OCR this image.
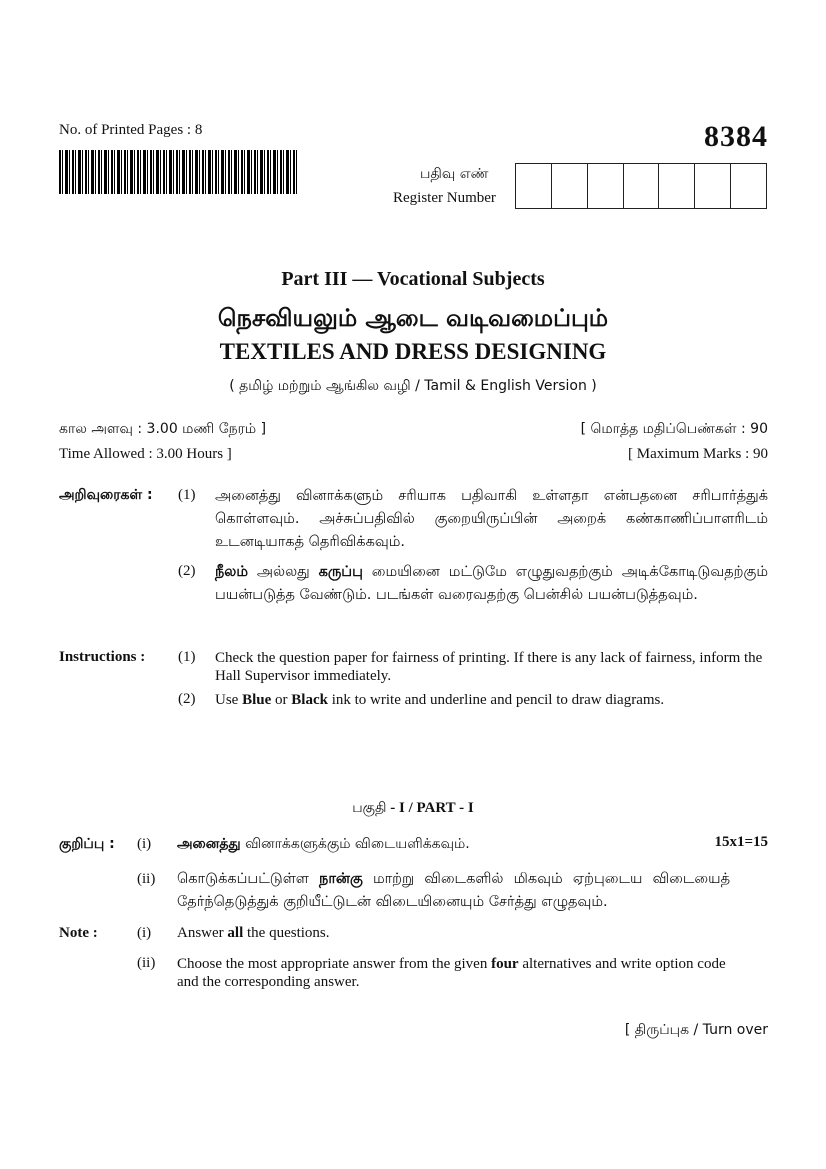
No. of Printed Pages : 8	8384
பதிவு எண்
Register Number
Part III — Vocational Subjects
நெசவியலும் ஆடை வடிவமைப்பும்
TEXTILES AND DRESS DESIGNING
( தமிழ் மற்றும் ஆங்கில வழி / Tamil & English Version )
கால அளவு : 3.00 மணி நேரம் ]
Time Allowed : 3.00 Hours ]
[ மொத்த மதிப்பெண்கள் : 90
[ Maximum Marks : 90
அறிவுரைகள் : (1) அனைத்து வினாக்களும் சரியாக பதிவாகி உள்ளதா என்பதனை சரிபார்த்துக் கொள்ளவும். அச்சுப்பதிவில் குறையிருப்பின் அறைக் கண்காணிப்பாளரிடம் உடனடியாகத் தெரிவிக்கவும்.
(2) நீலம் அல்லது கருப்பு மையினை மட்டுமே எழுதுவதற்கும் அடிக்கோடிடுவதற்கும் பயன்படுத்த வேண்டும். படங்கள் வரைவதற்கு பென்சில் பயன்படுத்தவும்.
Instructions : (1) Check the question paper for fairness of printing. If there is any lack of fairness, inform the Hall Supervisor immediately.
(2) Use Blue or Black ink to write and underline and pencil to draw diagrams.
பகுதி - I / PART - I
குறிப்பு : (i) அனைத்து வினாக்களுக்கும் விடையளிக்கவும்.	15x1=15
(ii) கொடுக்கப்பட்டுள்ள நான்கு மாற்று விடைகளில் மிகவும் ஏற்புடைய விடையைத் தேர்ந்தெடுத்துக் குறியீட்டுடன் விடையினையும் சேர்த்து எழுதவும்.
Note :	(i) Answer all the questions.
(ii) Choose the most appropriate answer from the given four alternatives and write option code and the corresponding answer.
[ திருப்புக / Turn over
